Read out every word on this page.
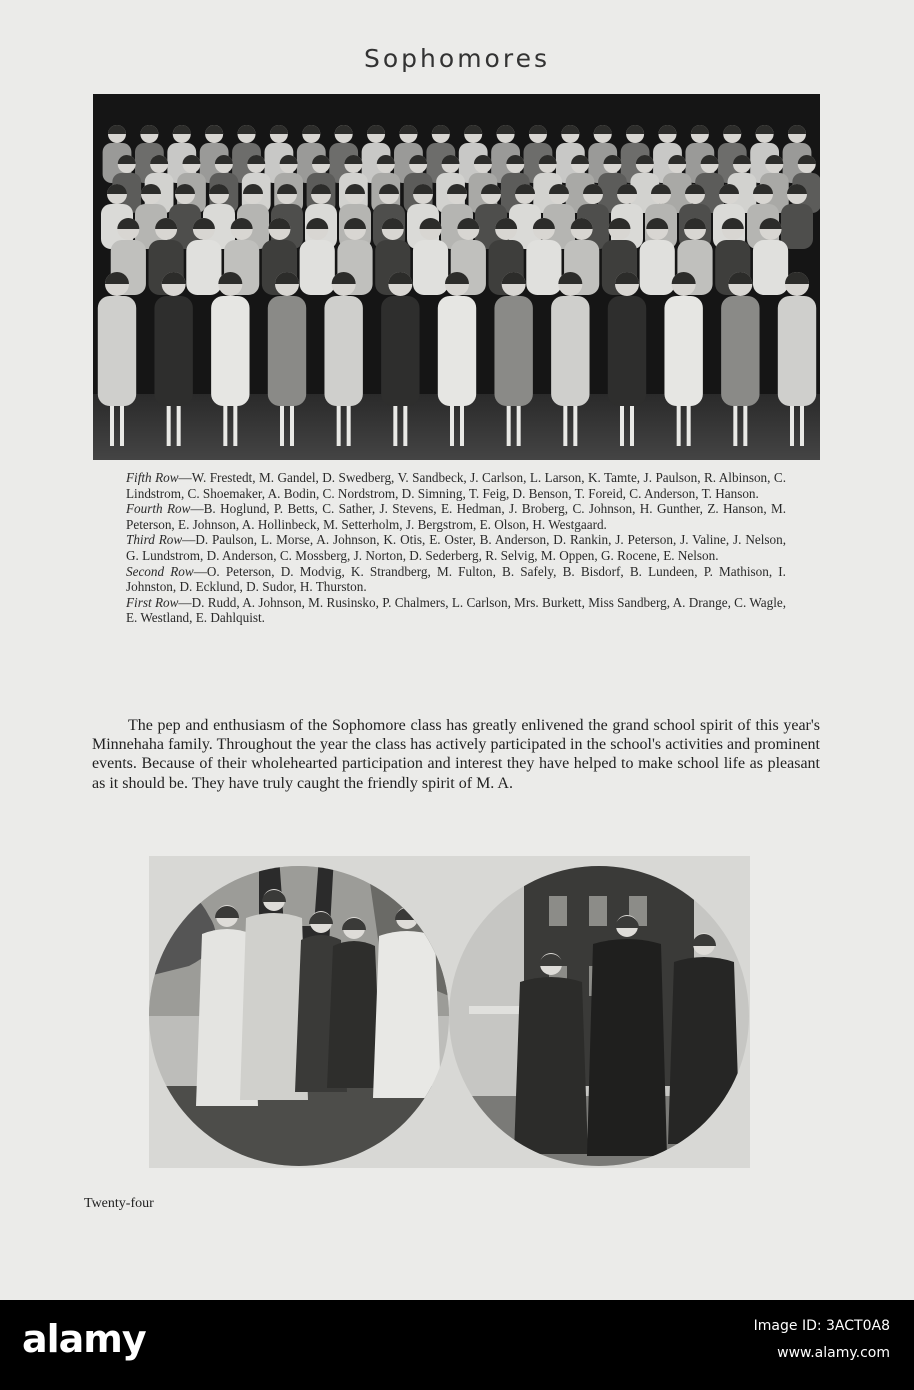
Sophomores
Fifth Row—W. Frestedt, M. Gandel, D. Swedberg, V. Sandbeck, J. Carlson, L. Larson, K. Tamte, J. Paulson, R. Albinson, C. Lindstrom, C. Shoemaker, A. Bodin, C. Nordstrom, D. Simning, T. Feig, D. Benson, T. Foreid, C. Anderson, T. Hanson.
Fourth Row—B. Hoglund, P. Betts, C. Sather, J. Stevens, E. Hedman, J. Broberg, C. Johnson, H. Gunther, Z. Hanson, M. Peterson, E. Johnson, A. Hollinbeck, M. Setterholm, J. Bergstrom, E. Olson, H. Westgaard.
Third Row—D. Paulson, L. Morse, A. Johnson, K. Otis, E. Oster, B. Anderson, D. Rankin, J. Peterson, J. Valine, J. Nelson, G. Lundstrom, D. Anderson, C. Mossberg, J. Norton, D. Sederberg, R. Selvig, M. Oppen, G. Rocene, E. Nelson.
Second Row—O. Peterson, D. Modvig, K. Strandberg, M. Fulton, B. Safely, B. Bisdorf, B. Lundeen, P. Mathison, I. Johnston, D. Ecklund, D. Sudor, H. Thurston.
First Row—D. Rudd, A. Johnson, M. Rusinsko, P. Chalmers, L. Carlson, Mrs. Burkett, Miss Sandberg, A. Drange, C. Wagle, E. Westland, E. Dahlquist.
The pep and enthusiasm of the Sophomore class has greatly enlivened the grand school spirit of this year's Minnehaha family. Throughout the year the class has actively participated in the school's activities and prominent events. Because of their wholehearted participation and interest they have helped to make school life as pleasant as it should be. They have truly caught the friendly spirit of M. A.
Twenty-four
alamy	Image ID: 3ACT0A8
www.alamy.com
